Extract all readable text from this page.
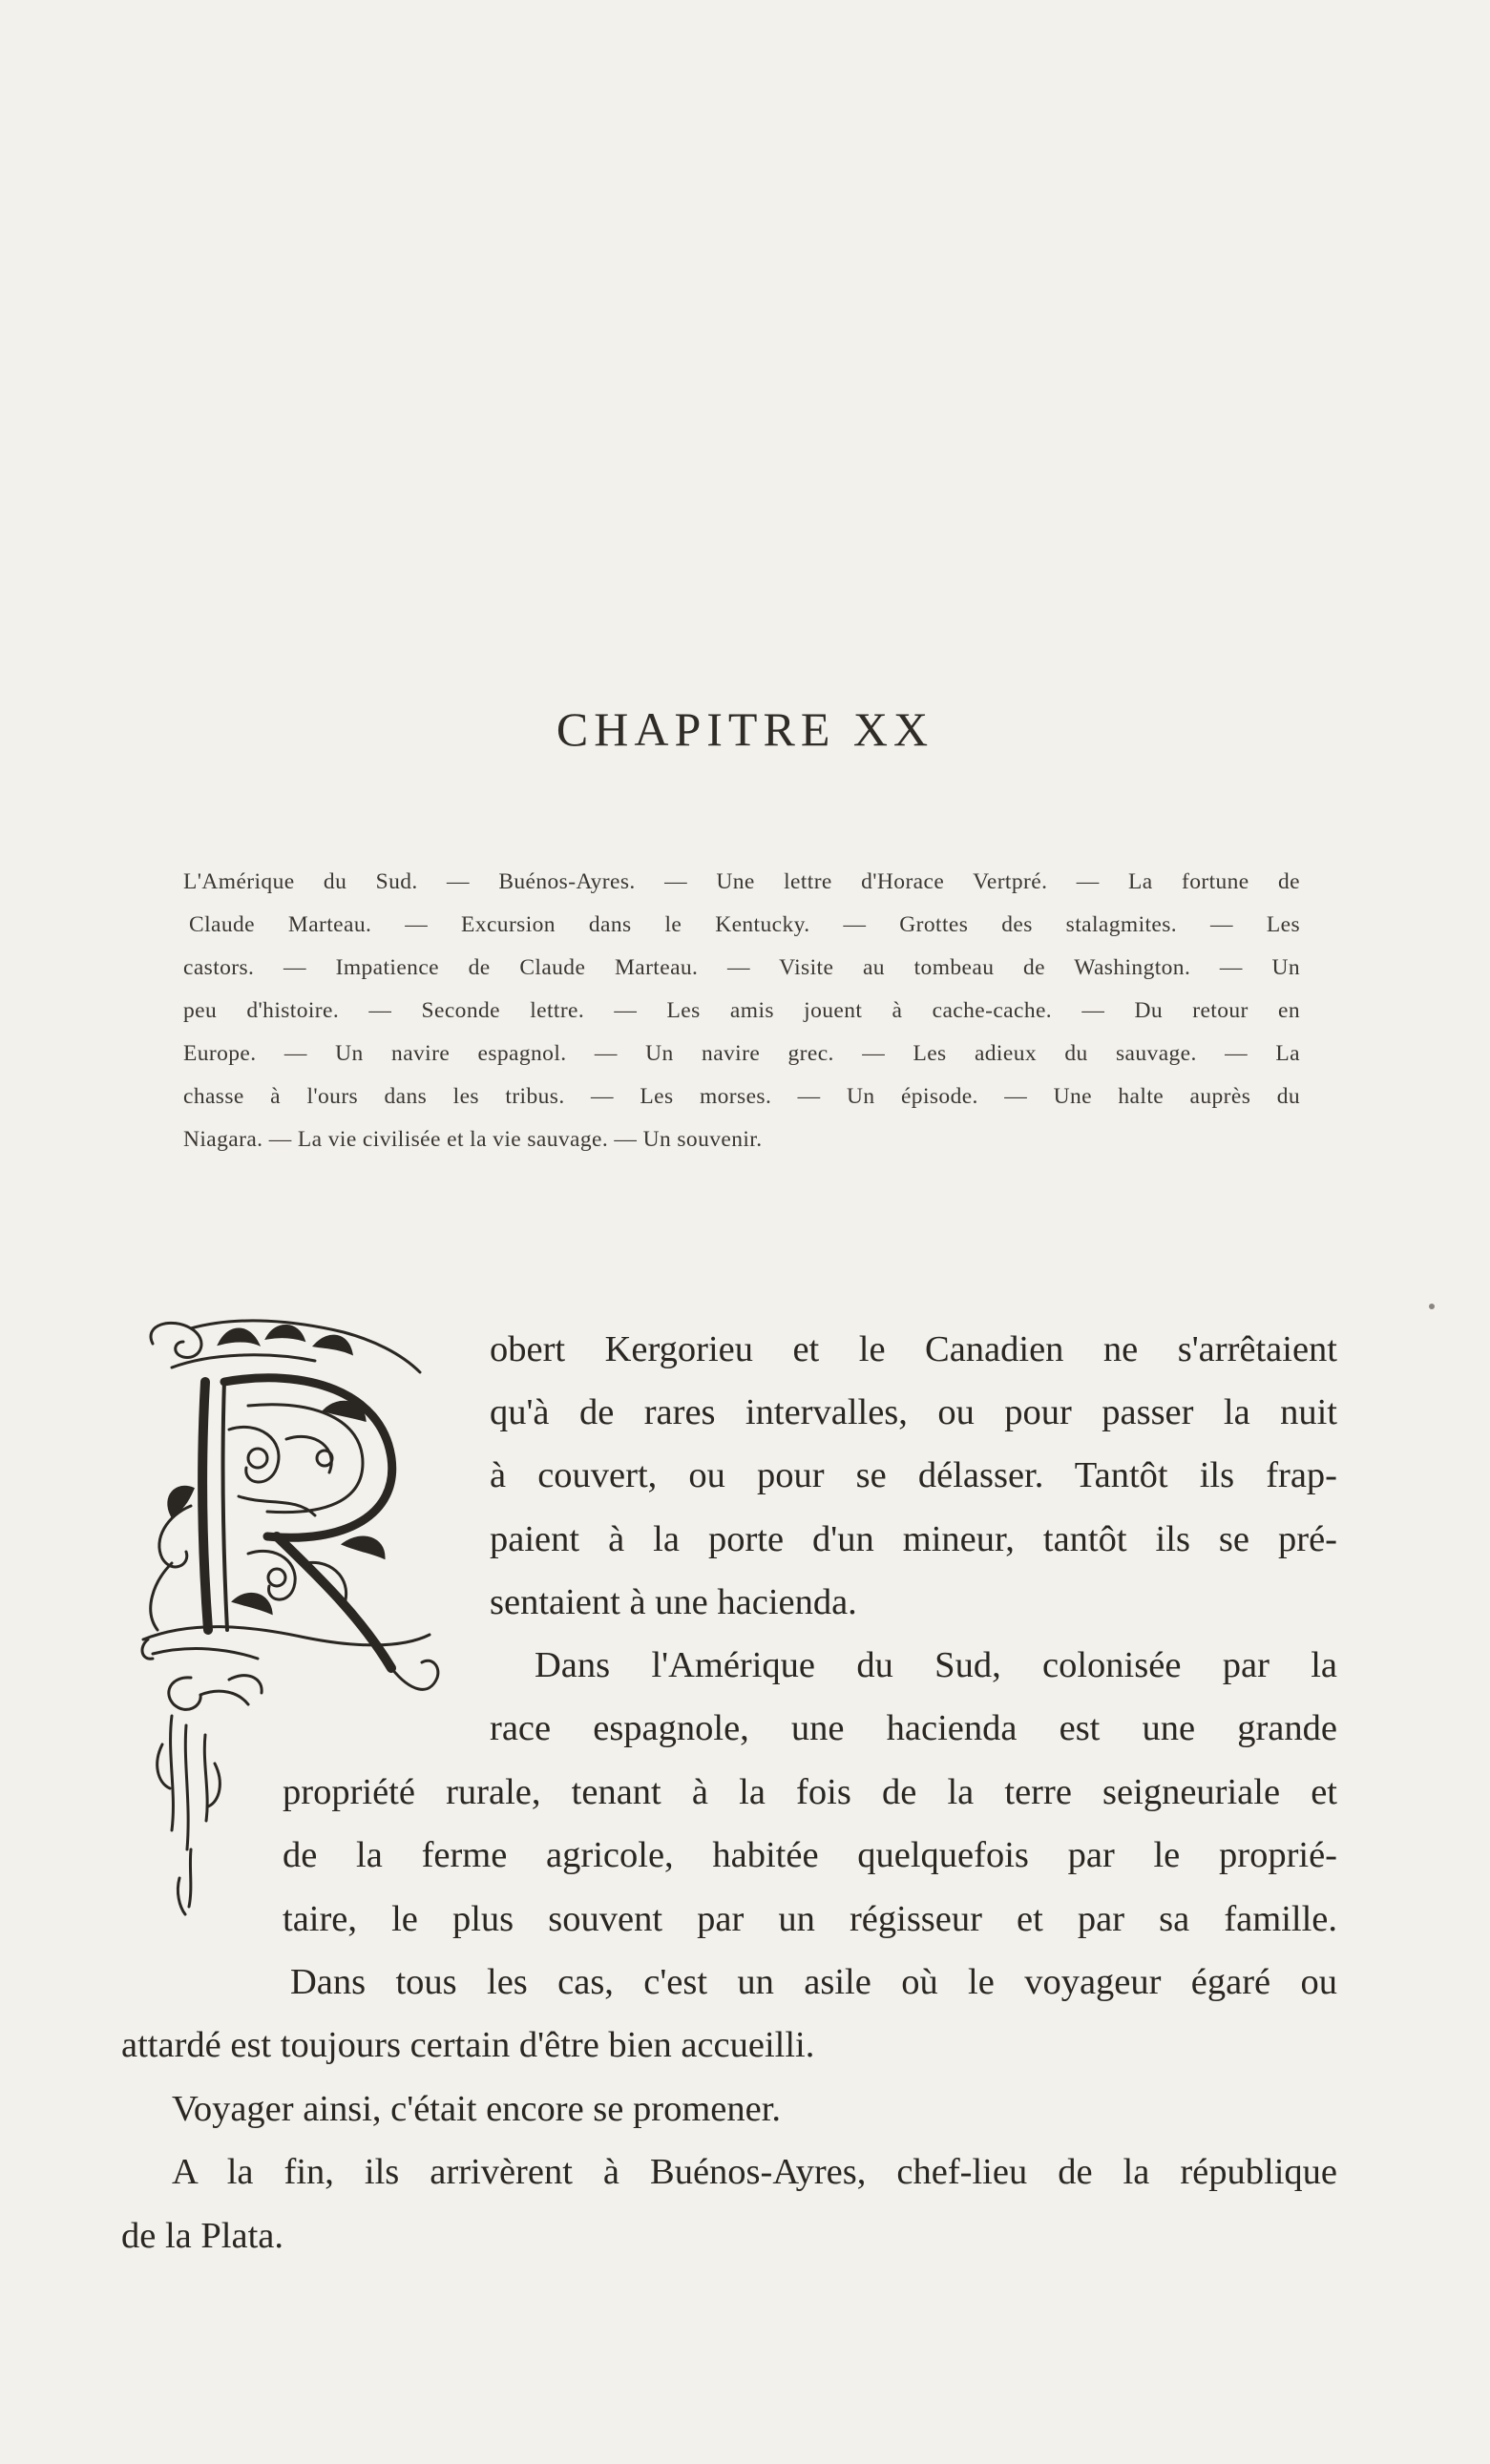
CHAPITRE XX
L'Amérique du Sud. — Buénos-Ayres. — Une lettre d'Horace Vertpré. — La fortune de
Claude Marteau. — Excursion dans le Kentucky. — Grottes des stalagmites. — Les
castors. — Impatience de Claude Marteau. — Visite au tombeau de Washington. — Un
peu d'histoire. — Seconde lettre. — Les amis jouent à cache-cache. — Du retour en
Europe. — Un navire espagnol. — Un navire grec. — Les adieux du sauvage. — La
chasse à l'ours dans les tribus. — Les morses. — Un épisode. — Une halte auprès du
Niagara. — La vie civilisée et la vie sauvage. — Un souvenir.
obert Kergorieu et le Canadien ne s'arrêtaient
qu'à de rares intervalles, ou pour passer la nuit
à couvert, ou pour se délasser. Tantôt ils frap-
paient à la porte d'un mineur, tantôt ils se pré-
sentaient à une hacienda.
Dans l'Amérique du Sud, colonisée par la
race espagnole, une hacienda est une grande
propriété rurale, tenant à la fois de la terre seigneuriale et
de la ferme agricole, habitée quelquefois par le proprié-
taire, le plus souvent par un régisseur et par sa famille.
Dans tous les cas, c'est un asile où le voyageur égaré ou
attardé est toujours certain d'être bien accueilli.
Voyager ainsi, c'était encore se promener.
A la fin, ils arrivèrent à Buénos-Ayres, chef-lieu de la république
de la Plata.
